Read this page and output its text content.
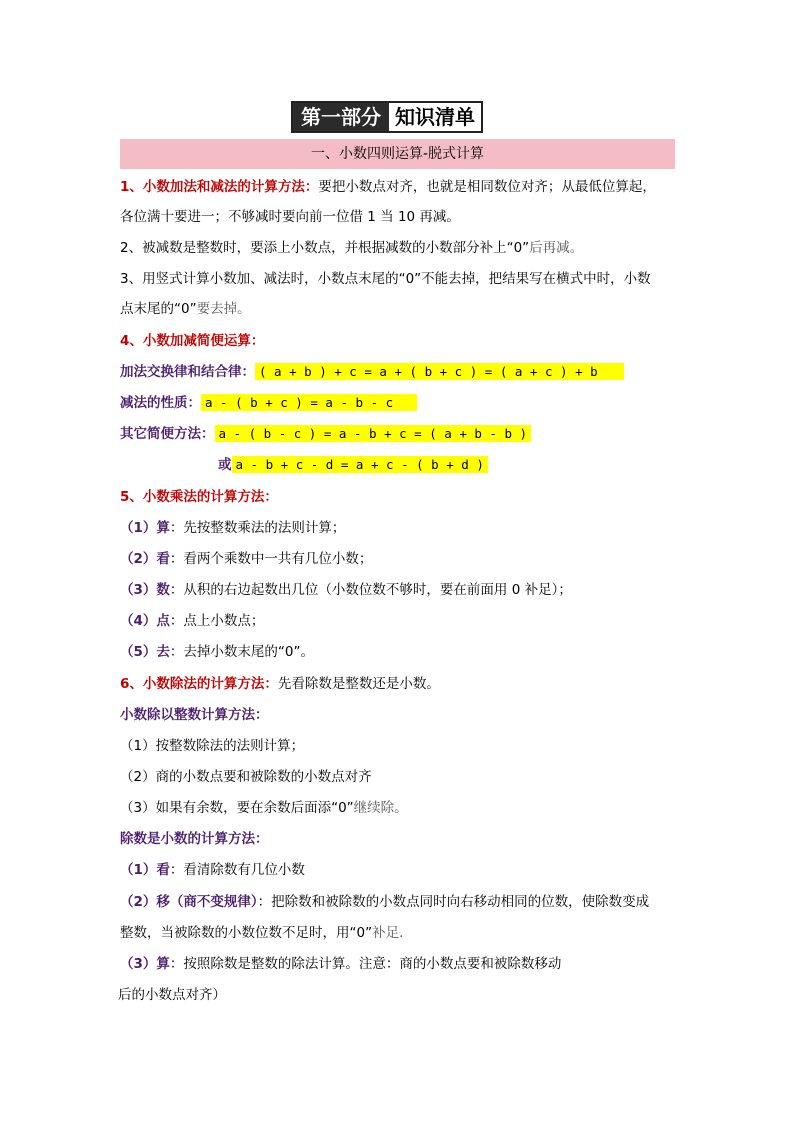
第一部分 知识清单
一、小数四则运算-脱式计算
1、小数加法和减法的计算方法：要把小数点对齐，也就是相同数位对齐；从最低位算起，
各位满十要进一；不够减时要向前一位借 1 当 10 再减。
2、被减数是整数时，要添上小数点，并根据减数的小数部分补上“0”后再减。
3、用竖式计算小数加、减法时，小数点末尾的“0”不能去掉，把结果写在横式中时，小数
点末尾的“0”要去掉。
4、小数加减简便运算：
加法交换律和结合律： ( a + b ) + c = a + ( b + c ) = ( a + c ) + b
减法的性质： a - ( b + c ) = a - b - c
其它简便方法： a - ( b - c ) = a - b + c = ( a + b - b )
或 a - b + c - d = a + c - ( b + d )
5、小数乘法的计算方法：
（1）算：先按整数乘法的法则计算；
（2）看：看两个乘数中一共有几位小数；
（3）数：从积的右边起数出几位（小数位数不够时，要在前面用 0 补足）；
（4）点：点上小数点；
（5）去：去掉小数末尾的“0”。
6、小数除法的计算方法：先看除数是整数还是小数。
小数除以整数计算方法：
（1）按整数除法的法则计算；
（2）商的小数点要和被除数的小数点对齐
（3）如果有余数，要在余数后面添“0”继续除。
除数是小数的计算方法：
（1）看：看清除数有几位小数
（2）移（商不变规律）：把除数和被除数的小数点同时向右移动相同的位数，使除数变成
整数，当被除数的小数位数不足时，用“0”补足.
（3）算：按照除数是整数的除法计算。注意：商的小数点要和被除数移动
后的小数点对齐）
